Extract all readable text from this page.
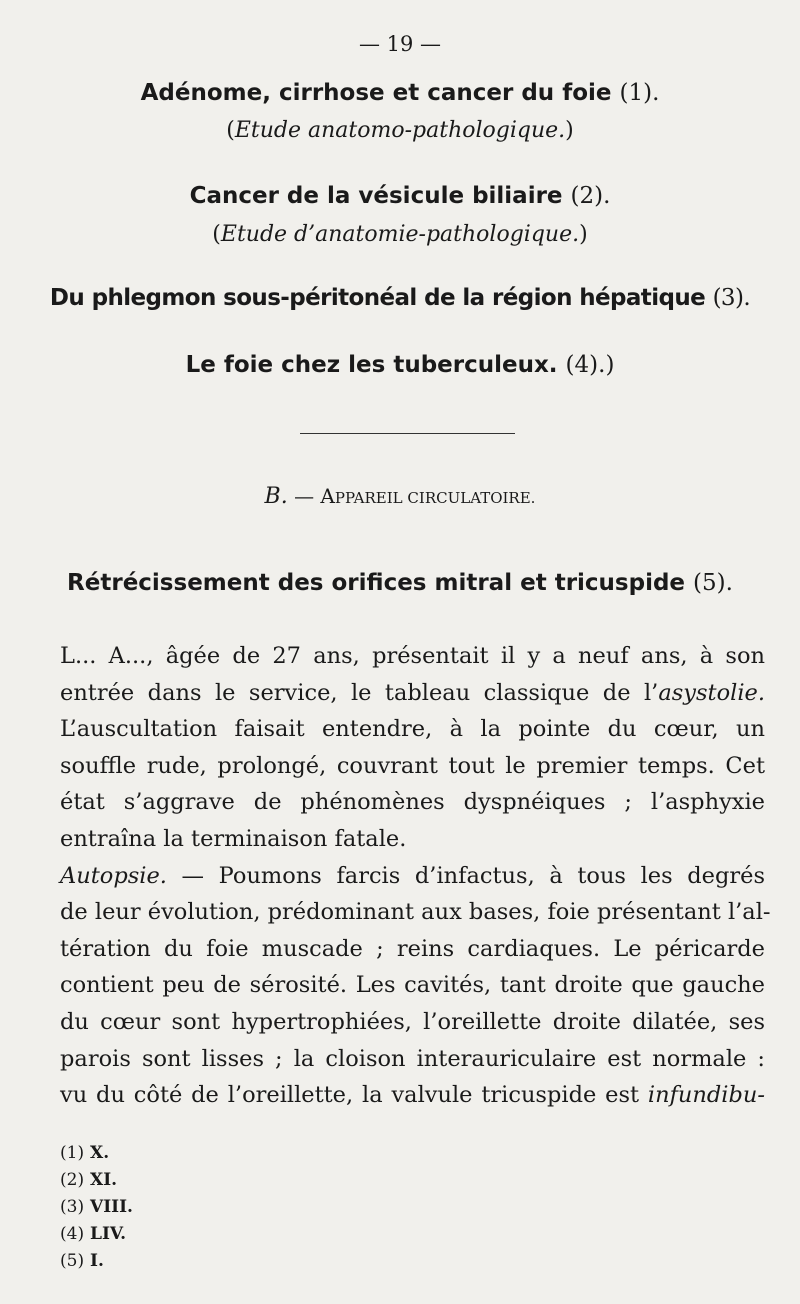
— 19 —
Adénome, cirrhose et cancer du foie (1).
(Etude anatomo-pathologique.)
Cancer de la vésicule biliaire (2).
(Etude d’anatomie-pathologique.)
Du phlegmon sous-péritonéal de la région hépatique (3).
Le foie chez les tuberculeux. (4).)
B. — APPAREIL CIRCULATOIRE.
Rétrécissement des orifices mitral et tricuspide (5).
L... A..., âgée de 27 ans, présentait il y a neuf ans, à son
entrée dans le service, le tableau classique de l’asystolie.
L’auscultation faisait entendre, à la pointe du cœur, un
souffle rude, prolongé, couvrant tout le premier temps. Cet
état s’aggrave de phénomènes dyspnéiques ; l’asphyxie
entraîna la terminaison fatale.
Autopsie. — Poumons farcis d’infactus, à tous les degrés
de leur évolution, prédominant aux bases, foie présentant l’al-
tération du foie muscade ; reins cardiaques. Le péricarde
contient peu de sérosité. Les cavités, tant droite que gauche
du cœur sont hypertrophiées, l’oreillette droite dilatée, ses
parois sont lisses ; la cloison interauriculaire est normale :
vu du côté de l’oreillette, la valvule tricuspide est infundibu-
(1) X.
(2) XI.
(3) VIII.
(4) LIV.
(5) I.
